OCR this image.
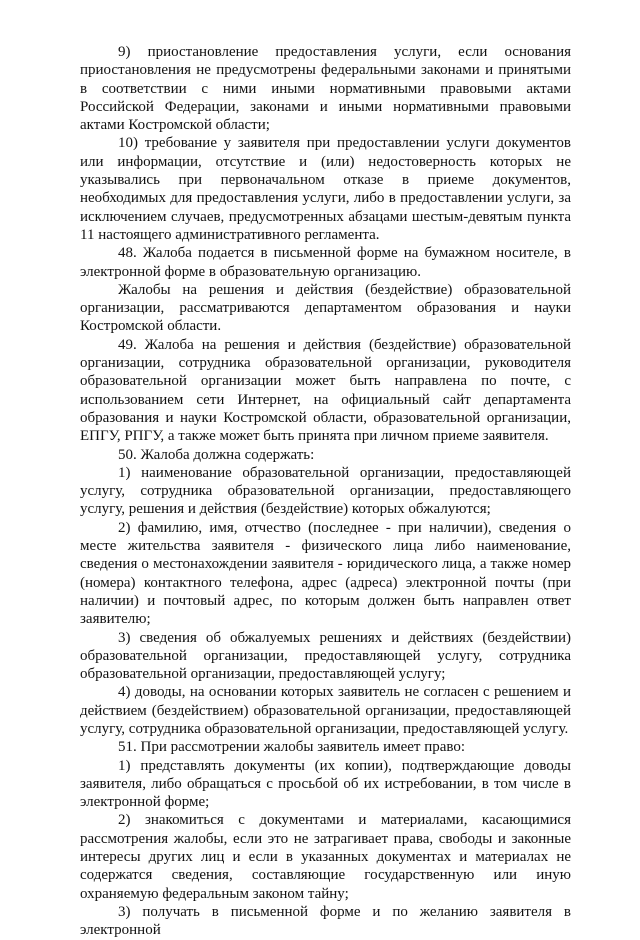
9) приостановление предоставления услуги, если основания приостановления не предусмотрены федеральными законами и принятыми в соответствии с ними иными нормативными правовыми актами Российской Федерации, законами и иными нормативными правовыми актами Костромской области;

10) требование у заявителя при предоставлении услуги документов или информации, отсутствие и (или) недостоверность которых не указывались при первоначальном отказе в приеме документов, необходимых для предоставления услуги, либо в предоставлении услуги, за исключением случаев, предусмотренных абзацами шестым-девятым пункта 11 настоящего административного регламента.

48. Жалоба подается в письменной форме на бумажном носителе, в электронной форме в образовательную организацию.

Жалобы на решения и действия (бездействие) образовательной организации, рассматриваются департаментом образования и науки Костромской области.

49. Жалоба на решения и действия (бездействие) образовательной организации, сотрудника образовательной организации, руководителя образовательной организации может быть направлена по почте, с использованием сети Интернет, на официальный сайт департамента образования и науки Костромской области, образовательной организации, ЕПГУ, РПГУ, а также может быть принята при личном приеме заявителя.

50. Жалоба должна содержать:

1) наименование образовательной организации, предоставляющей услугу, сотрудника образовательной организации, предоставляющего услугу, решения и действия (бездействие) которых обжалуются;

2) фамилию, имя, отчество (последнее - при наличии), сведения о месте жительства заявителя - физического лица либо наименование, сведения о местонахождении заявителя - юридического лица, а также номер (номера) контактного телефона, адрес (адреса) электронной почты (при наличии) и почтовый адрес, по которым должен быть направлен ответ заявителю;

3) сведения об обжалуемых решениях и действиях (бездействии) образовательной организации, предоставляющей услугу, сотрудника образовательной организации, предоставляющей услугу;

4) доводы, на основании которых заявитель не согласен с решением и действием (бездействием) образовательной организации, предоставляющей услугу, сотрудника образовательной организации, предоставляющей услугу.

51. При рассмотрении жалобы заявитель имеет право:

1) представлять документы (их копии), подтверждающие доводы заявителя, либо обращаться с просьбой об их истребовании, в том числе в электронной форме;

2) знакомиться с документами и материалами, касающимися рассмотрения жалобы, если это не затрагивает права, свободы и законные интересы других лиц и если в указанных документах и материалах не содержатся сведения, составляющие государственную или иную охраняемую федеральным законом тайну;

3) получать в письменной форме и по желанию заявителя в электронной
